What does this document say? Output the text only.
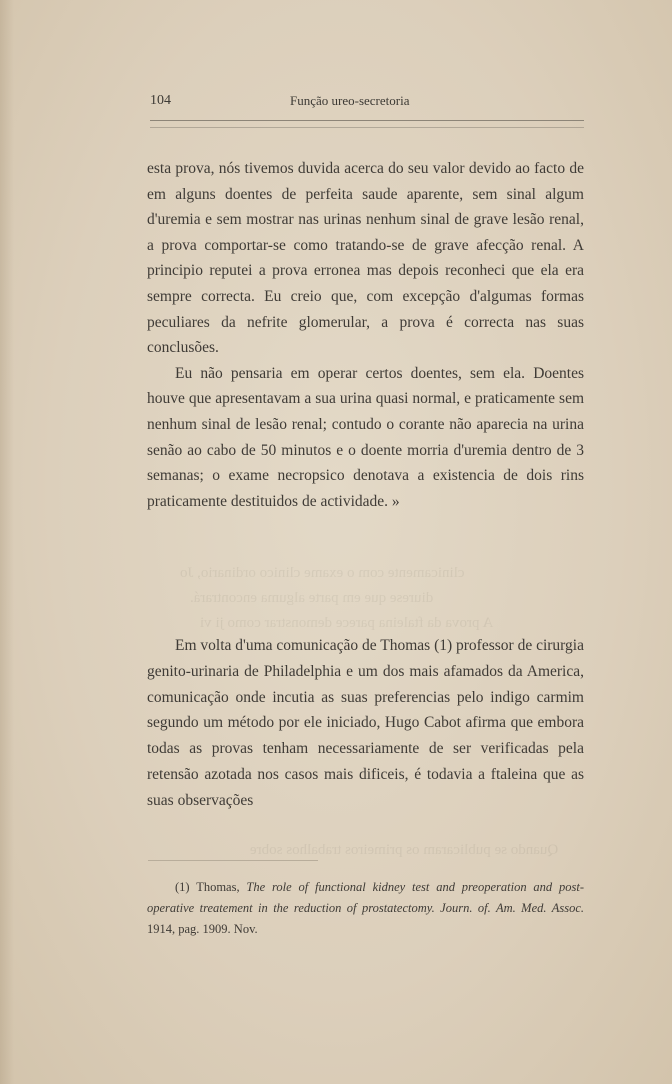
clinicamente com o exame clinico ordinario, Jo
diurese que em parte alguma encontrará.
A prova da ftaleina parece demonstrar como ji vi
Quando se publicaram os primeiros trabalhos sobre
104	Função ureo-secretoria

esta prova, nós tivemos duvida acerca do seu valor devido ao facto de em alguns doentes de perfeita saude aparente, sem sinal algum d'uremia e sem mostrar nas urinas nenhum sinal de grave lesão renal, a prova comportar-se como tratando-se de grave afecção renal. A principio reputei a prova erronea mas depois reconheci que ela era sempre correcta. Eu creio que, com excepção d'algumas formas peculiares da nefrite glomerular, a prova é correcta nas suas conclusões.

Eu não pensaria em operar certos doentes, sem ela. Doentes houve que apresentavam a sua urina quasi normal, e praticamente sem nenhum sinal de lesão renal; contudo o corante não aparecia na urina senão ao cabo de 50 minutos e o doente morria d'uremia dentro de 3 semanas; o exame necropsico denotava a existencia de dois rins praticamente destituidos de actividade. »

Em volta d'uma comunicação de Thomas (1) professor de cirurgia genito-urinaria de Philadelphia e um dos mais afamados da America, comunicação onde incutia as suas preferencias pelo indigo carmim segundo um método por ele iniciado, Hugo Cabot afirma que embora todas as provas tenham necessariamente de ser verificadas pela retensão azotada nos casos mais dificeis, é todavia a ftaleina que as suas observações

(1) Thomas, The role of functional kidney test and preoperation and post-operative treatement in the reduction of prostatectomy. Journ. of. Am. Med. Assoc. 1914, pag. 1909. Nov.
